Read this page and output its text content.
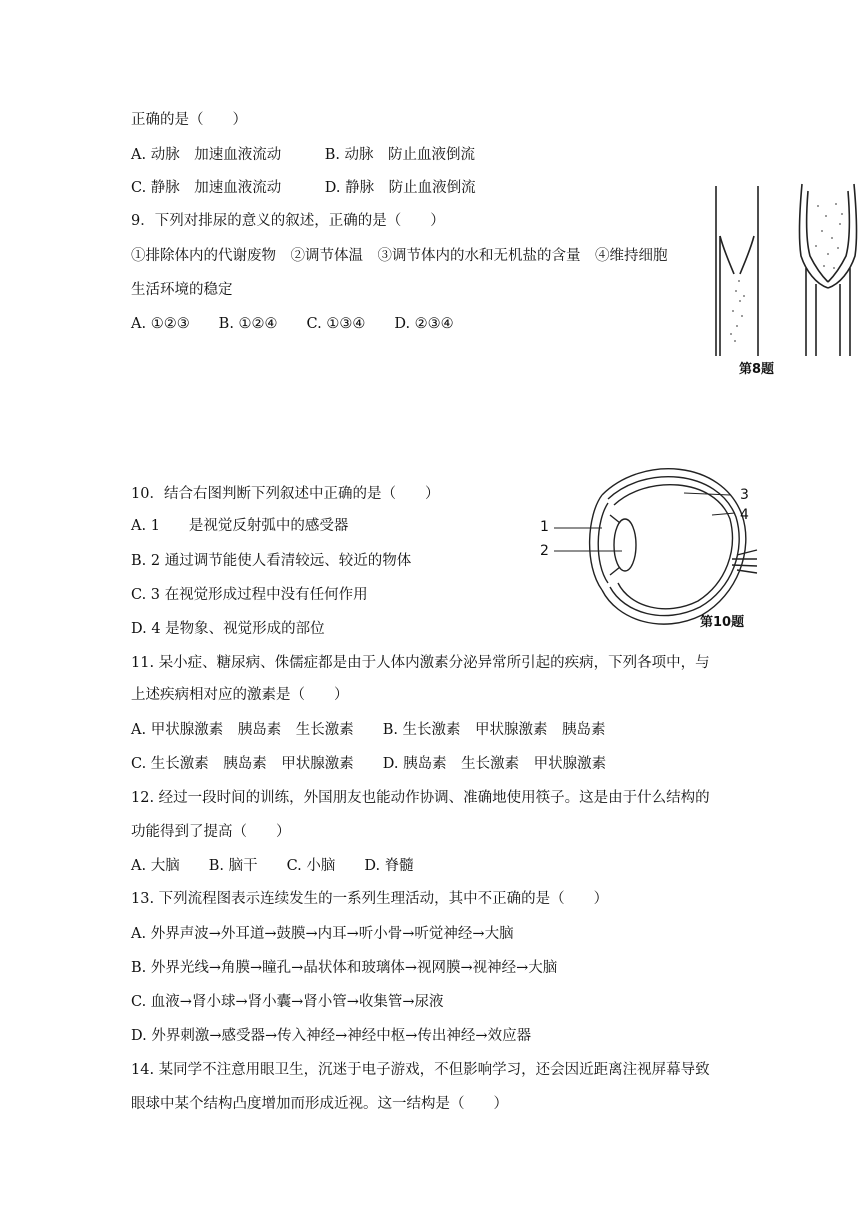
正确的是（　　）
A. 动脉　加速血液流动　　　B. 动脉　防止血液倒流
C. 静脉　加速血液流动　　　D. 静脉　防止血液倒流
9．下列对排尿的意义的叙述，正确的是（　　）
①排除体内的代谢废物　②调节体温　③调节体内的水和无机盐的含量　④维持细胞
生活环境的稳定
A. ①②③　　B. ①②④　　C. ①③④　　D. ②③④
10．结合右图判断下列叙述中正确的是（　　）
A. 1　　是视觉反射弧中的感受器
B. 2 通过调节能使人看清较远、较近的物体
C. 3 在视觉形成过程中没有任何作用
D. 4 是物象、视觉形成的部位
11. 呆小症、糖尿病、侏儒症都是由于人体内激素分泌异常所引起的疾病，下列各项中，与
上述疾病相对应的激素是（　　）
A. 甲状腺激素　胰岛素　生长激素　　B. 生长激素　甲状腺激素　胰岛素
C. 生长激素　胰岛素　甲状腺激素　　D. 胰岛素　生长激素　甲状腺激素
12. 经过一段时间的训练，外国朋友也能动作协调、准确地使用筷子。这是由于什么结构的
功能得到了提高（　　）
A. 大脑　　B. 脑干　　C. 小脑　　D. 脊髓
13. 下列流程图表示连续发生的一系列生理活动，其中不正确的是（　　）
A. 外界声波→外耳道→鼓膜→内耳→听小骨→听觉神经→大脑
B. 外界光线→角膜→瞳孔→晶状体和玻璃体→视网膜→视神经→大脑
C. 血液→肾小球→肾小囊→肾小管→收集管→尿液
D. 外界刺激→感受器→传入神经→神经中枢→传出神经→效应器
14. 某同学不注意用眼卫生，沉迷于电子游戏，不但影响学习，还会因近距离注视屏幕导致
眼球中某个结构凸度增加而形成近视。这一结构是（　　）
第8题
1
2
3
4
第10题
